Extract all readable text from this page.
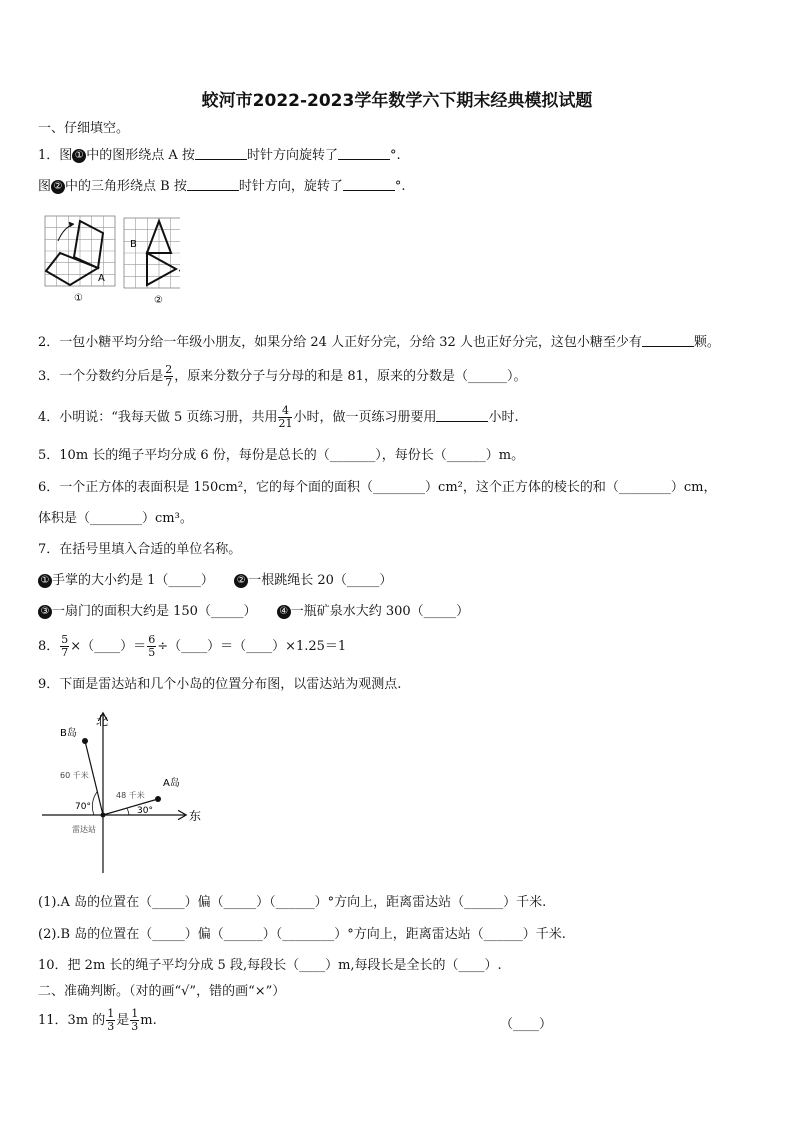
蛟河市2022-2023学年数学六下期末经典模拟试题
一、仔细填空。
1．图 ① 中的图形绕点 A 按	时针方向旋转了	°.
图 ② 中的三角形绕点 B 按	时针方向，旋转了	°.
A
①
B
②
2．一包小糖平均分给一年级小朋友，如果分给 24 人正好分完，分给 32 人也正好分完，这包小糖至少有	颗。
3．一个分数约分后是 $\frac{2}{7}$ ，原来分数分子与分母的和是 81，原来的分数是（______）。
4．小明说：“我每天做 5 页练习册，共用 $\frac{4}{21}$ 小时，做一页练习册要用	小时.
5．10m 长的绳子平均分成 6 份，每份是总长的（_______），每份长（______）m。
6．一个正方体的表面积是 150cm²，它的每个面的面积（________）cm²，这个正方体的棱长的和（________）cm，
体积是（________）cm³。
7．在括号里填入合适的单位名称。
① 手掌的大小约是 1（_____） ② 一根跳绳长 20（_____）
③ 一扇门的面积大约是 150（_____） ④ 一瓶矿泉水大约 300（_____）
8． $\frac{5}{7}$ ×（____）＝ $\frac{6}{5}$ ÷（____）＝（____）×1.25＝1
9．下面是雷达站和几个小岛的位置分布图，以雷达站为观测点.
北
东
B岛
A岛
60 千米
48 千米
70°	30°
雷达站
(1).A 岛的位置在（_____）偏（_____）（______）°方向上，距离雷达站（______）千米.
(2).B 岛的位置在（_____）偏（______）（________）°方向上，距离雷达站（______）千米.
10．把 2m 长的绳子平均分成 5 段,每段长（____）m,每段长是全长的（____）.
二、准确判断。（对的画“√”，错的画“×”）
11．3m 的 $\frac{1}{3}$ 是 $\frac{1}{3} m$.	（____）
